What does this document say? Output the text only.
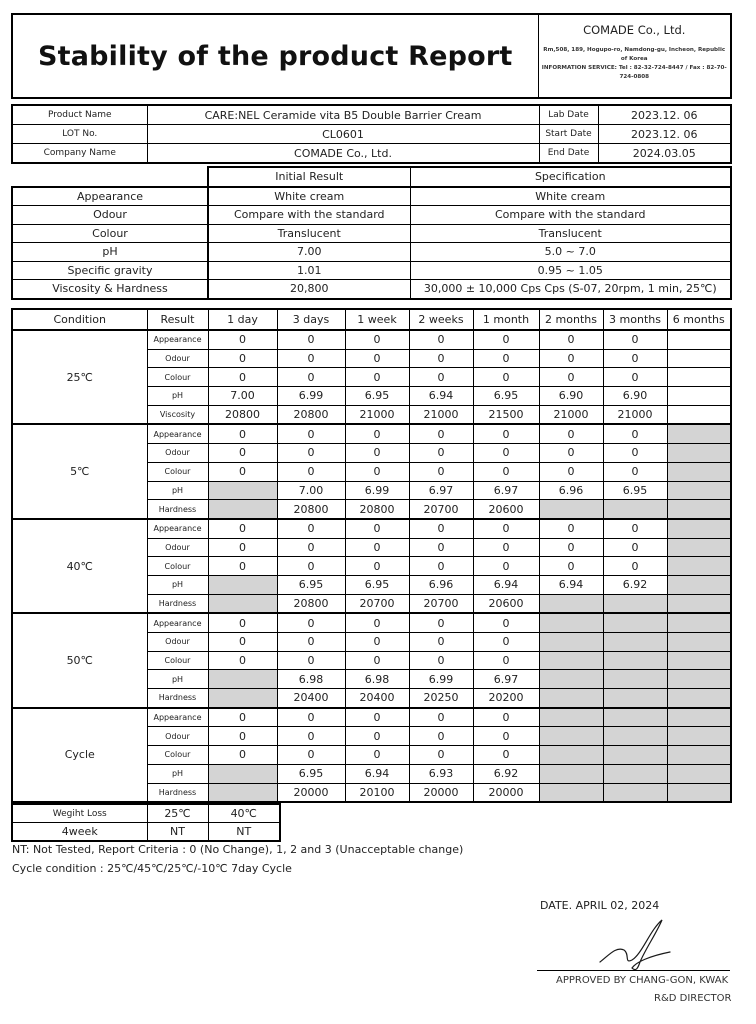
Stability of the product Report	
COMADE Co., Ltd.
Rm,508, 189, Hogupo-ro, Namdong-gu, Incheon, Republic of Korea
INFORMATION SERVICE: Tel : 82-32-724-8447 / Fax : 82-70-724-0808
Product Name	CARE:NEL Ceramide vita B5 Double Barrier Cream	Lab Date	2023.12. 06
LOT No.	CL0601	Start Date	2023.12. 06
Company Name	COMADE Co., Ltd.	End Date	2024.03.05
	Initial Result	Specification
Appearance	White cream	White cream
Odour	Compare with the standard	Compare with the standard
Colour	Translucent	Translucent
pH	7.00	5.0 ~ 7.0
Specific gravity	1.01	0.95 ~ 1.05
Viscosity & Hardness	20,800	30,000 ± 10,000 Cps Cps (S-07, 20rpm, 1 min, 25℃)
Condition	Result	1 day	3 days	1 week	2 weeks	1 month	2 months	3 months	6 months
25℃	Appearance	0	0	0	0	0	0	0	
	Odour	0	0	0	0	0	0	0	
	Colour	0	0	0	0	0	0	0	
	pH	7.00	6.99	6.95	6.94	6.95	6.90	6.90	
	Viscosity	20800	20800	21000	21000	21500	21000	21000	
5℃	Appearance	0	0	0	0	0	0	0	
	Odour	0	0	0	0	0	0	0	
	Colour	0	0	0	0	0	0	0	
	pH		7.00	6.99	6.97	6.97	6.96	6.95	
	Hardness		20800	20800	20700	20600			
40℃	Appearance	0	0	0	0	0	0	0	
	Odour	0	0	0	0	0	0	0	
	Colour	0	0	0	0	0	0	0	
	pH		6.95	6.95	6.96	6.94	6.94	6.92	
	Hardness		20800	20700	20700	20600			
50℃	Appearance	0	0	0	0	0			
	Odour	0	0	0	0	0			
	Colour	0	0	0	0	0			
	pH		6.98	6.98	6.99	6.97			
	Hardness		20400	20400	20250	20200			
Cycle	Appearance	0	0	0	0	0			
	Odour	0	0	0	0	0			
	Colour	0	0	0	0	0			
	pH		6.95	6.94	6.93	6.92			
	Hardness		20000	20100	20000	20000			
Wegiht Loss	25℃	40℃
4week	NT	NT
NT: Not Tested, Report Criteria : 0 (No Change), 1, 2 and 3 (Unacceptable change)
Cycle condition : 25℃/45℃/25℃/-10℃ 7day Cycle
DATE. APRIL 02, 2024
APPROVED BY CHANG-GON, KWAK
R&D DIRECTOR
